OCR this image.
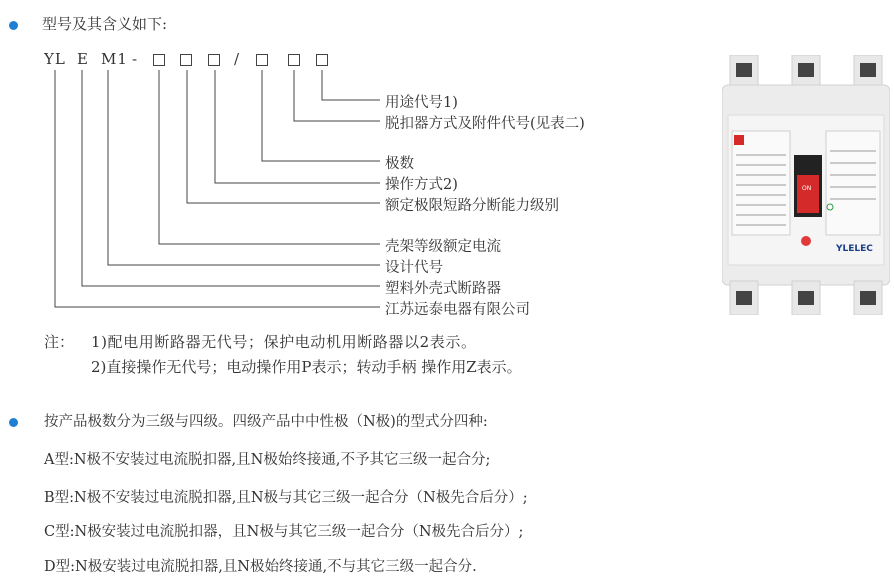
型号及其含义如下:
YL E M1 -	/
用途代号1)
脱扣器方式及附件代号(见表二)
极数
操作方式2)
额定极限短路分断能力级别
壳架等级额定电流
设计代号
塑料外壳式断路器
江苏远泰电器有限公司
注： 1)配电用断路器无代号；保护电动机用断路器以2表示。
2)直接操作无代号；电动操作用P表示；转动手柄 操作用Z表示。
按产品极数分为三级与四级。四级产品中中性极（N极)的型式分四种:
A型:N极不安装过电流脱扣器,且N极始终接通,不予其它三级一起合分;
B型:N极不安装过电流脱扣器,且N极与其它三级一起合分（N极先合后分）;
C型:N极安装过电流脱扣器，且N极与其它三级一起合分（N极先合后分）;
D型:N极安装过电流脱扣器,且N极始终接通,不与其它三级一起合分.
ON
YLELEC
